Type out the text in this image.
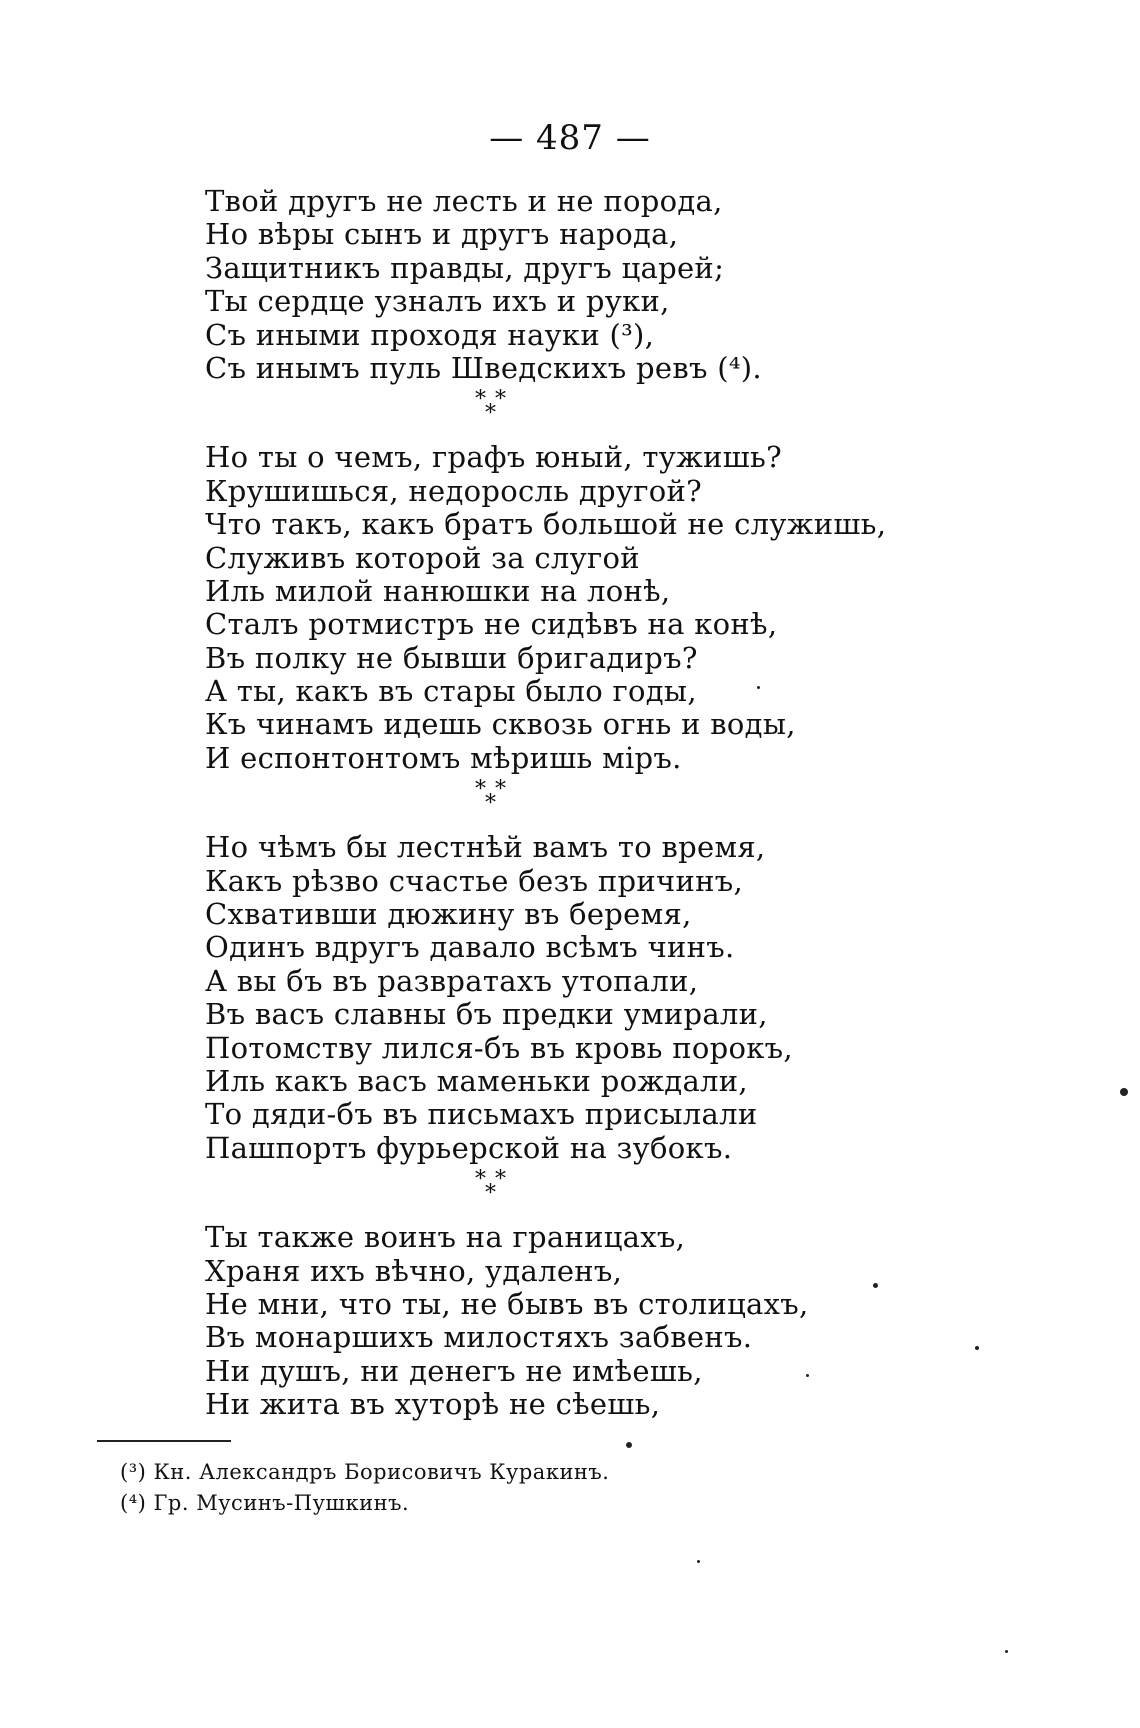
— 487 —
Твой другъ не лесть и не порода,
Но вѣры сынъ и другъ народа,
Защитникъ правды, другъ царей;
Ты сердце узналъ ихъ и руки,
Съ иными проходя науки (³),
Съ инымъ пуль Шведскихъ ревъ (⁴).
* *
*
Но ты о чемъ, графъ юный, тужишь?
Крушишься, недоросль другой?
Что такъ, какъ братъ большой не служишь,
Служивъ которой за слугой
Иль милой нанюшки на лонѣ,
Сталъ ротмистръ не сидѣвъ на конѣ,
Въ полку не бывши бригадиръ?
А ты, какъ въ стары было годы,
Къ чинамъ идешь сквозь огнь и воды,
И еспонтонтомъ мѣришь міръ.
* *
*
Но чѣмъ бы лестнѣй вамъ то время,
Какъ рѣзво счастье безъ причинъ,
Схвативши дюжину въ беремя,
Одинъ вдругъ давало всѣмъ чинъ.
А вы бъ въ развратахъ утопали,
Въ васъ славны бъ предки умирали,
Потомству лился-бъ въ кровь порокъ,
Иль какъ васъ маменьки рождали,
То дяди-бъ въ письмахъ присылали
Пашпортъ фурьерской на зубокъ.
* *
*
Ты также воинъ на границахъ,
Храня ихъ вѣчно, удаленъ,
Не мни, что ты, не бывъ въ столицахъ,
Въ монаршихъ милостяхъ забвенъ.
Ни душъ, ни денегъ не имѣешь,
Ни жита въ хуторѣ не сѣешь,
(³) Кн. Александръ Борисовичъ Куракинъ.
(⁴) Гр. Мусинъ-Пушкинъ.
